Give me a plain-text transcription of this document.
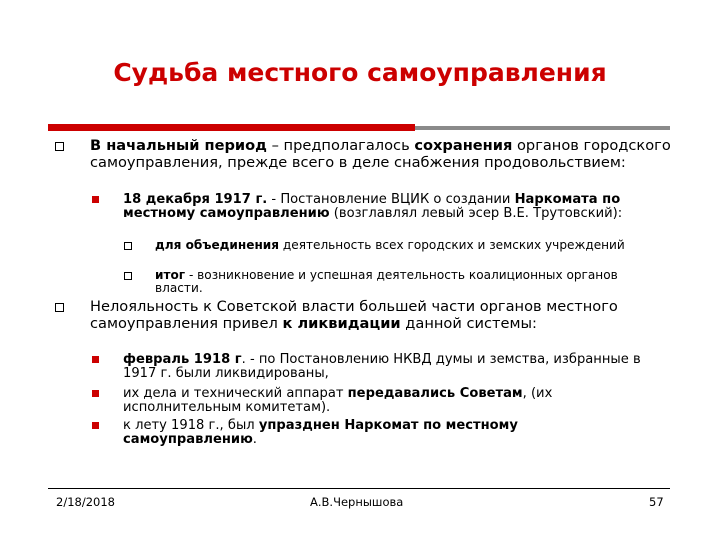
Судьба местного самоуправления

В начальный период – предполагалось сохранения органов городского самоуправления, прежде всего в деле снабжения продовольствием:

18 декабря 1917 г. - Постановление ВЦИК о создании Наркомата по местному самоуправлению (возглавлял левый эсер В.Е. Трутовский):

для объединения деятельность всех городских и земских учреждений

итог - возникновение и успешная деятельность коалиционных органов власти.

Нелояльность к Советской власти большей части органов местного самоуправления привел к ликвидации данной системы:

февраль 1918 г. - по Постановлению НКВД думы и земства, избранные в 1917 г. были ликвидированы,

их дела и технический аппарат передавались Советам, (их исполнительным комитетам).

к лету 1918 г., был упразднен Наркомат по местному самоуправлению.

2/18/2018	А.В.Чернышова	57
